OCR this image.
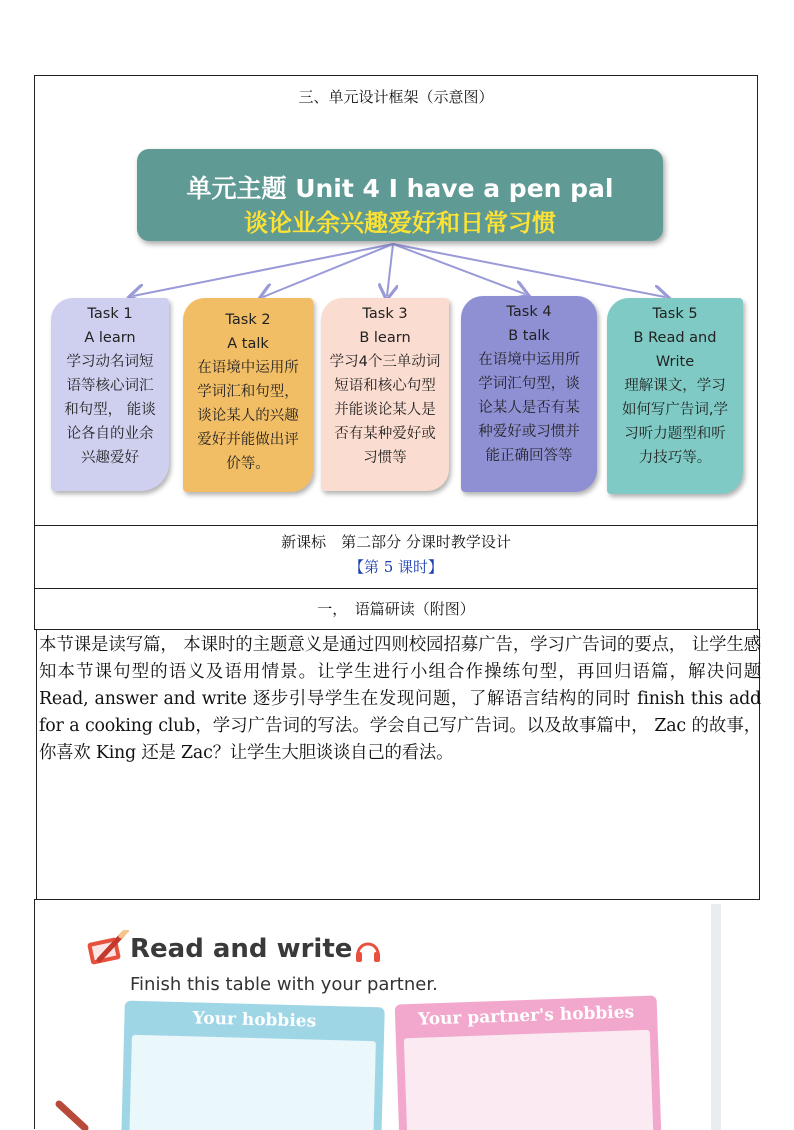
三、单元设计框架（示意图）
单元主题 Unit 4 I have a pen pal
谈论业余兴趣爱好和日常习惯
Task 1
A learn
学习动名词短
语等核心词汇
和句型， 能谈
论各自的业余
兴趣爱好
Task 2
A talk
在语境中运用所
学词汇和句型，
谈论某人的兴趣
爱好并能做出评
价等。
Task 3
B learn
学习4个三单动词
短语和核心句型
并能谈论某人是
否有某种爱好或
习惯等
Task 4
B talk
在语境中运用所
学词汇句型，谈
论某人是否有某
种爱好或习惯并
能正确回答等
Task 5
B Read and
Write
理解课文，学习
如何写广告词,学
习听力题型和听
力技巧等。
新课标　第二部分 分课时教学设计
【第 5 课时】
一，　语篇研读（附图）

本节课是读写篇， 本课时的主题意义是通过四则校园招募广告，学习广告词的要点， 让学生感知本节课句型的语义及语用情景。让学生进行小组合作操练句型，再回归语篇，解决问题 Read, answer and write 逐步引导学生在发现问题，了解语言结构的同时 finish this add for a cooking club，学习广告词的写法。学会自己写广告词。以及故事篇中， Zac 的故事， 你喜欢 King 还是 Zac？让学生大胆谈谈自己的看法。

Read and write
Finish this table with your partner.
Your hobbies	Your partner's hobbies
